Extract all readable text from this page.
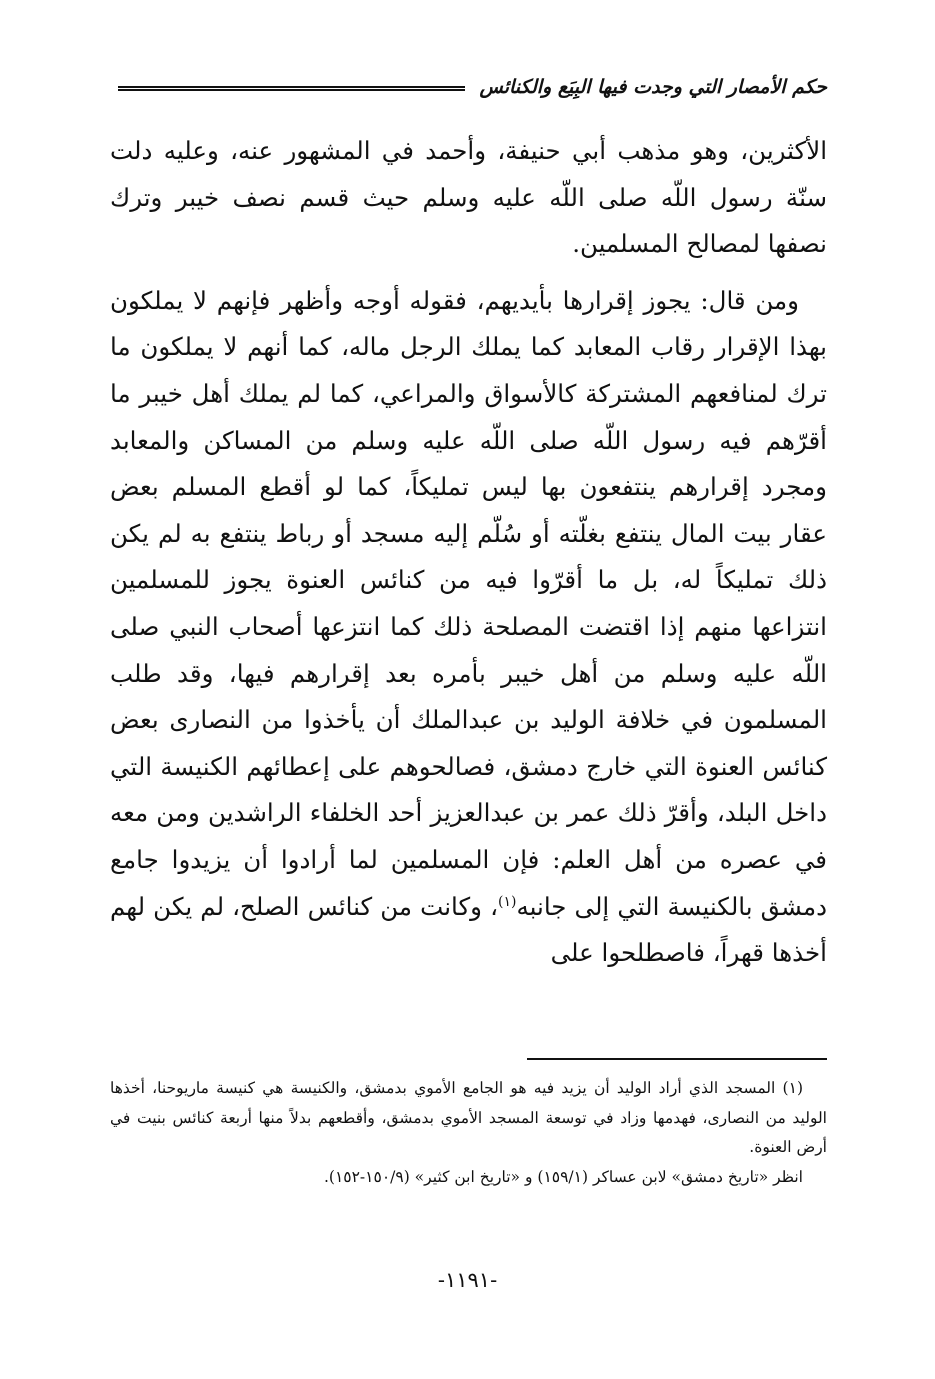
حكم الأمصار التي وجدت فيها البِيَع والكنائس

الأكثرين، وهو مذهب أبي حنيفة، وأحمد في المشهور عنه، وعليه دلت سنّة رسول اللّه صلى اللّه عليه وسلم حيث قسم نصف خيبر وترك نصفها لمصالح المسلمين.

ومن قال: يجوز إقرارها بأيديهم، فقوله أوجه وأظهر فإنهم لا يملكون بهذا الإقرار رقاب المعابد كما يملك الرجل ماله، كما أنهم لا يملكون ما ترك لمنافعهم المشتركة كالأسواق والمراعي، كما لم يملك أهل خيبر ما أقرّهم فيه رسول اللّه صلى اللّه عليه وسلم من المساكن والمعابد ومجرد إقرارهم ينتفعون بها ليس تمليكاً، كما لو أقطع المسلم بعض عقار بيت المال ينتفع بغلّته أو سُلّم إليه مسجد أو رباط ينتفع به لم يكن ذلك تمليكاً له، بل ما أقرّوا فيه من كنائس العنوة يجوز للمسلمين انتزاعها منهم إذا اقتضت المصلحة ذلك كما انتزعها أصحاب النبي صلى اللّه عليه وسلم من أهل خيبر بأمره بعد إقرارهم فيها، وقد طلب المسلمون في خلافة الوليد بن عبدالملك أن يأخذوا من النصارى بعض كنائس العنوة التي خارج دمشق، فصالحوهم على إعطائهم الكنيسة التي داخل البلد، وأقرّ ذلك عمر بن عبدالعزيز أحد الخلفاء الراشدين ومن معه في عصره من أهل العلم: فإن المسلمين لما أرادوا أن يزيدوا جامع دمشق بالكنيسة التي إلى جانبه$^{(١)}$، وكانت من كنائس الصلح، لم يكن لهم أخذها قهراً، فاصطلحوا على

(١) المسجد الذي أراد الوليد أن يزيد فيه هو الجامع الأموي بدمشق، والكنيسة هي كنيسة ماريوحنا، أخذها الوليد من النصارى، فهدمها وزاد في توسعة المسجد الأموي بدمشق، وأقطعهم بدلاً منها أربعة كنائس بنيت في أرض العنوة.

انظر «تاريخ دمشق» لابن عساكر (١٥٩/١) و «تاريخ ابن كثير» (١٥٠/٩-١٥٢).

-١١٩١-
